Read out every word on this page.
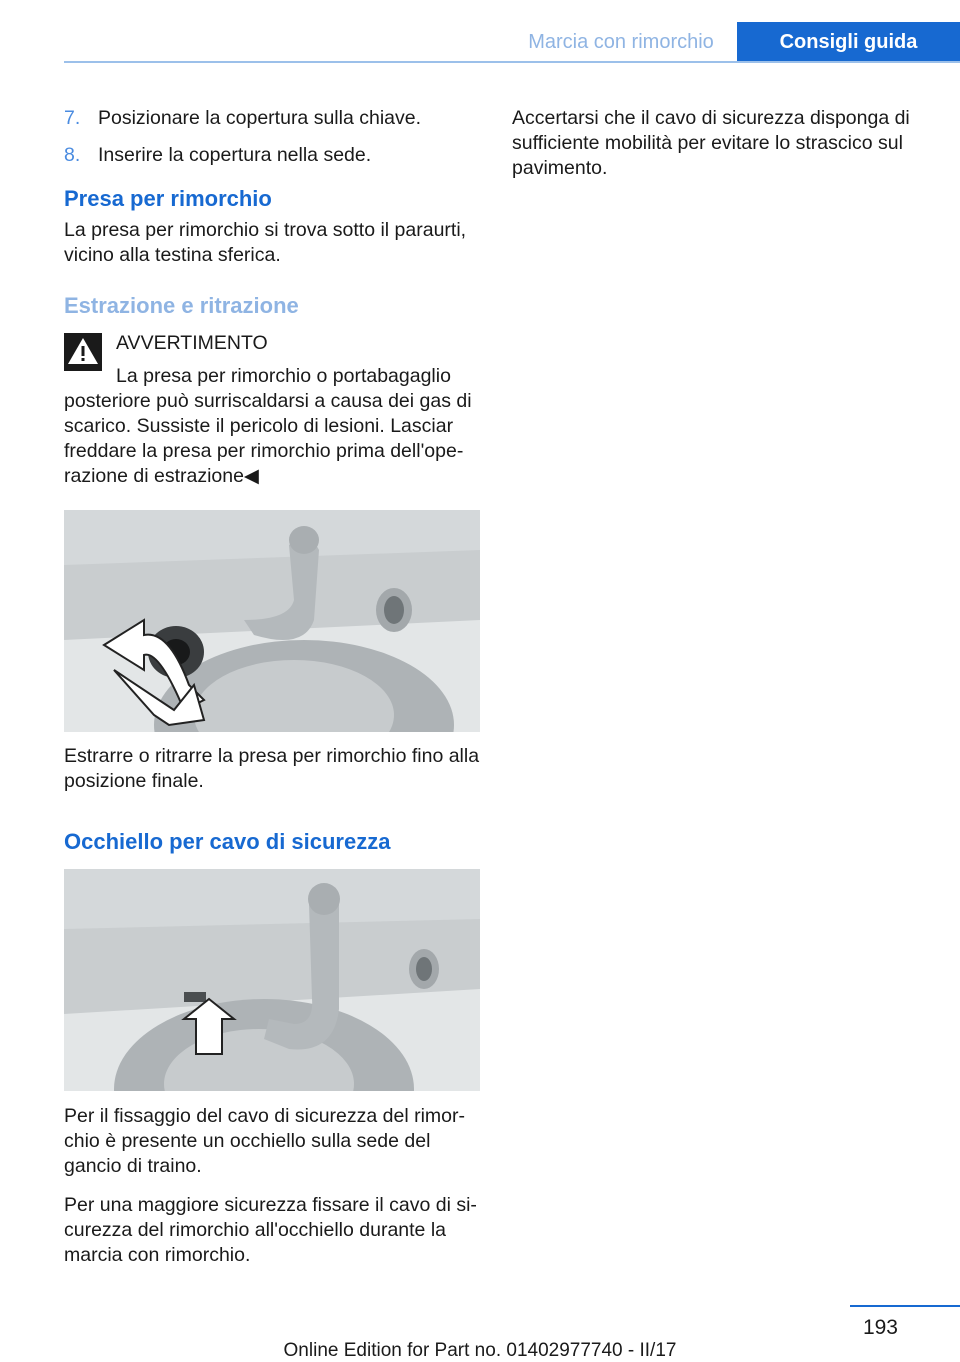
Marcia con rimorchio	Consigli guida
7. Posizionare la copertura sulla chiave.
8. Inserire la copertura nella sede.
Presa per rimorchio
La presa per rimorchio si trova sotto il paraurti, vicino alla testina sferica.
Estrazione e ritrazione
AVVERTIMENTO
La presa per rimorchio o portabagaglio
posteriore può surriscaldarsi a causa dei gas di scarico. Sussiste il pericolo di lesioni. Lasciar freddare la presa per rimorchio prima dell'ope‐ razione di estrazione◀
Estrarre o ritrarre la presa per rimorchio fino alla posizione finale.
Occhiello per cavo di sicurezza
Per il fissaggio del cavo di sicurezza del rimor‐ chio è presente un occhiello sulla sede del gancio di traino.
Per una maggiore sicurezza fissare il cavo di si‐ curezza del rimorchio all'occhiello durante la marcia con rimorchio.
Accertarsi che il cavo di sicurezza disponga di sufficiente mobilità per evitare lo strascico sul pavimento.
193
Online Edition for Part no. 01402977740 - II/17
